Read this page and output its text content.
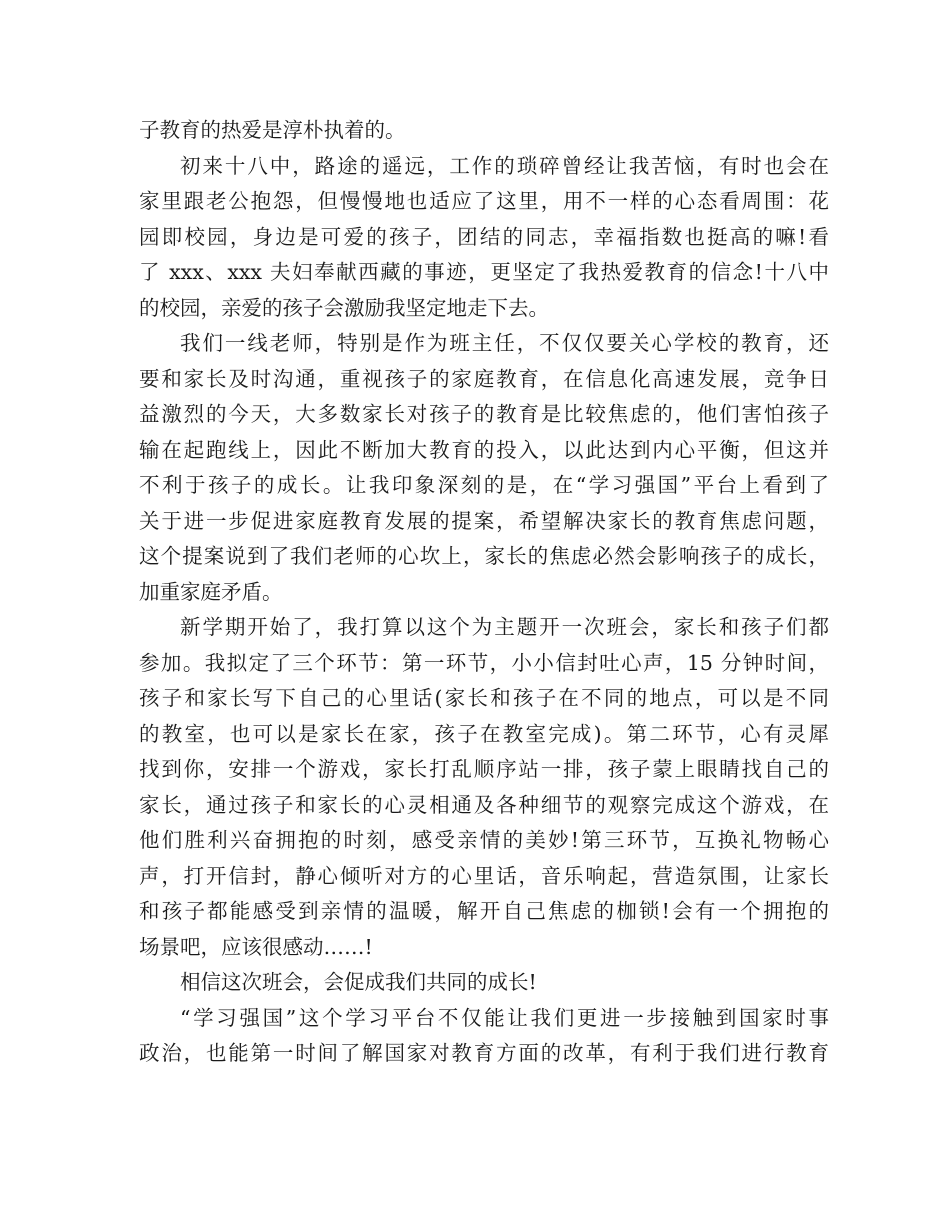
子教育的热爱是淳朴执着的。
初来十八中，路途的遥远，工作的琐碎曾经让我苦恼，有时也会在
家里跟老公抱怨，但慢慢地也适应了这里，用不一样的心态看周围：花
园即校园，身边是可爱的孩子，团结的同志，幸福指数也挺高的嘛!看
了 xxx、xxx 夫妇奉献西藏的事迹，更坚定了我热爱教育的信念!十八中
的校园，亲爱的孩子会激励我坚定地走下去。
我们一线老师，特别是作为班主任，不仅仅要关心学校的教育，还
要和家长及时沟通，重视孩子的家庭教育，在信息化高速发展，竞争日
益激烈的今天，大多数家长对孩子的教育是比较焦虑的，他们害怕孩子
输在起跑线上，因此不断加大教育的投入，以此达到内心平衡，但这并
不利于孩子的成长。让我印象深刻的是，在“学习强国”平台上看到了
关于进一步促进家庭教育发展的提案，希望解决家长的教育焦虑问题，
这个提案说到了我们老师的心坎上，家长的焦虑必然会影响孩子的成长，
加重家庭矛盾。
新学期开始了，我打算以这个为主题开一次班会，家长和孩子们都
参加。我拟定了三个环节：第一环节，小小信封吐心声，15 分钟时间，
孩子和家长写下自己的心里话(家长和孩子在不同的地点，可以是不同
的教室，也可以是家长在家，孩子在教室完成)。第二环节，心有灵犀
找到你，安排一个游戏，家长打乱顺序站一排，孩子蒙上眼睛找自己的
家长，通过孩子和家长的心灵相通及各种细节的观察完成这个游戏，在
他们胜利兴奋拥抱的时刻，感受亲情的美妙!第三环节，互换礼物畅心
声，打开信封，静心倾听对方的心里话，音乐响起，营造氛围，让家长
和孩子都能感受到亲情的温暖，解开自己焦虑的枷锁!会有一个拥抱的
场景吧，应该很感动……!
相信这次班会，会促成我们共同的成长!
“学习强国”这个学习平台不仅能让我们更进一步接触到国家时事
政治，也能第一时间了解国家对教育方面的改革，有利于我们进行教育
